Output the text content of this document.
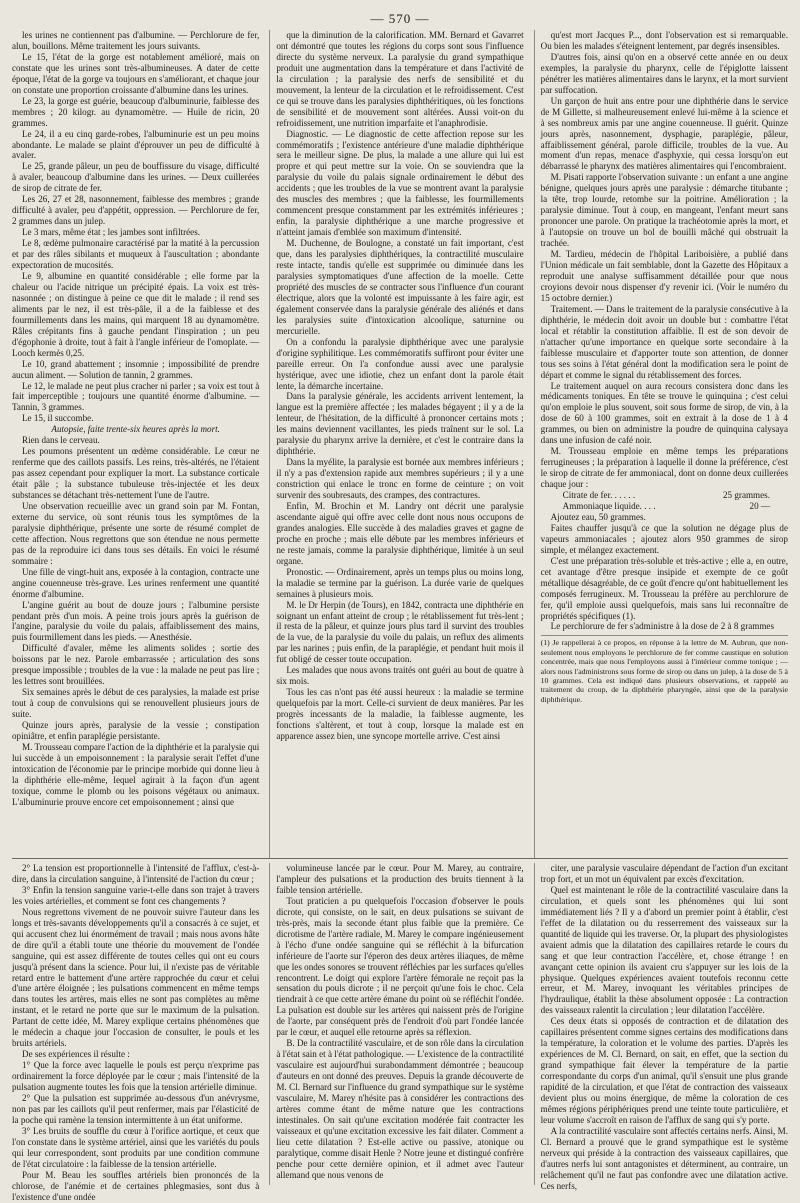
— 570 —

les urines ne contiennent pas d'albumine. — Perchlorure de fer, alun, bouillons. Même traitement les jours suivants.

Le 15, l'état de la gorge est notablement amélioré, mais on constate que les urines sont très-albumineuses. A dater de cette époque, l'état de la gorge va toujours en s'améliorant, et chaque jour on constate une proportion croissante d'albumine dans les urines.

Le 23, la gorge est guérie, beaucoup d'albuminurie, faiblesse des membres ; 20 kilogr. au dynamomètre. — Huile de ricin, 20 grammes.

Le 24, il a eu cinq garde-robes, l'albuminurie est un peu moins abondante. Le malade se plaint d'éprouver un peu de difficulté à avaler.

Le 25, grande pâleur, un peu de bouffissure du visage, difficulté à avaler, beaucoup d'albumine dans les urines. — Deux cuillerées de sirop de citrate de fer.

Les 26, 27 et 28, nasonnement, faiblesse des membres ; grande difficulté à avaler, peu d'appétit, oppression. — Perchlorure de fer, 2 grammes dans un julep.

Le 3 mars, même état ; les jambes sont infiltrées.

Le 8, œdème pulmonaire caractérisé par la matité à la percussion et par des râles sibilants et muqueux à l'auscultation ; abondante expectoration de mucosités.

Le 9, albumine en quantité considérable ; elle forme par la chaleur ou l'acide nitrique un précipité épais. La voix est très-nasonnée ; on distingue à peine ce que dit le malade ; il rend ses aliments par le nez, il est très-pâle, il a de la faiblesse et des fourmillements dans les mains, qui marquent 18 au dynamomètre. Râles crépitants fins à gauche pendant l'inspiration ; un peu d'égophonie à droite, tout à fait à l'angle inférieur de l'omoplate. — Looch kermès 0,25.

Le 10, grand abattement ; insomnie ; impossibilité de prendre aucun aliment. — Solution de tannin, 2 grammes.

Le 12, le malade ne peut plus cracher ni parler ; sa voix est tout à fait imperceptible ; toujours une quantité énorme d'albumine. — Tannin, 3 grammes.

Le 15, il succombe.

Autopsie, faite trente-six heures après la mort.

Rien dans le cerveau.

Les poumons présentent un œdème considérable. Le cœur ne renferme que des caillots passifs. Les reins, très-altérés, ne l'étaient pas assez cependant pour expliquer la mort. La substance corticale était pâle ; la substance tubuleuse très-injectée et les deux substances se détachant très-nettement l'une de l'autre.

Une observation recueillie avec un grand soin par M. Fontan, externe du service, où sont réunis tous les symptômes de la paralysie diphthérique, présente une sorte de résumé complet de cette affection. Nous regrettons que son étendue ne nous permette pas de la reproduire ici dans tous ses détails. En voici le résumé sommaire :

Une fille de vingt-huit ans, exposée à la contagion, contracte une angine couenneuse très-grave. Les urines renferment une quantité énorme d'albumine.

L'angine guérit au bout de douze jours ; l'albumine persiste pendant près d'un mois. A peine trois jours après la guérison de l'angine, paralysie du voile du palais, affaiblissement des mains, puis fourmillement dans les pieds. — Anesthésie.

Difficulté d'avaler, même les aliments solides ; sortie des boissons par le nez. Parole embarrassée ; articulation des sons presque impossible ; troubles de la vue : la malade ne peut pas lire ; les lettres sont brouillées.

Six semaines après le début de ces paralysies, la malade est prise tout à coup de convulsions qui se renouvellent plusieurs jours de suite.

Quinze jours après, paralysie de la vessie ; constipation opiniâtre, et enfin paraplégie persistante.

M. Trousseau compare l'action de la diphthérie et la paralysie qui lui succède à un empoisonnement : la paralysie serait l'effet d'une intoxication de l'économie par le principe morbide qui donne lieu à la diphthérie elle-même, lequel agirait à la façon d'un agent toxique, comme le plomb ou les poisons végétaux ou animaux. L'albuminurie prouve encore cet empoisonnement ; ainsi que

que la diminution de la calorification. MM. Bernard et Gavarret ont démontré que toutes les régions du corps sont sous l'influence directe du système nerveux. La paralysie du grand sympathique produit une augmentation dans la température et dans l'activité de la circulation ; la paralysie des nerfs de sensibilité et du mouvement, la lenteur de la circulation et le refroidissement. C'est ce qui se trouve dans les paralysies diphthéritiques, où les fonctions de sensibilité et de mouvement sont altérées. Aussi voit-on du refroidissement, une nutrition imparfaite et l'anaphrodisie.

Diagnostic. — Le diagnostic de cette affection repose sur les commémoratifs ; l'existence antérieure d'une maladie diphthérique sera le meilleur signe. De plus, la malade a une allure qui lui est propre et qui peut mettre sur la voie. On se souviendra que la paralysie du voile du palais signale ordinairement le début des accidents ; que les troubles de la vue se montrent avant la paralysie des muscles des membres ; que la faiblesse, les fourmillements commencent presque constamment par les extrémités inférieures ; enfin, la paralysie diphthérique a une marche progressive et n'atteint jamais d'emblée son maximum d'intensité.

M. Duchenne, de Boulogne, a constaté un fait important, c'est que, dans les paralysies diphthériques, la contractilité musculaire reste intacte, tandis qu'elle est supprimée ou diminuée dans les paralysies symptomatiques d'une affection de la moelle. Cette propriété des muscles de se contracter sous l'influence d'un courant électrique, alors que la volonté est impuissante à les faire agir, est également conservée dans la paralysie générale des aliénés et dans les paralysies suite d'intoxication alcoolique, saturnine ou mercurielle.

On a confondu la paralysie diphthérique avec une paralysie d'origine syphilitique. Les commémoratifs suffiront pour éviter une pareille erreur. On l'a confondue aussi avec une paralysie hystérique, avec une idiotie, chez un enfant dont la parole était lente, la démarche incertaine.

Dans la paralysie générale, les accidents arrivent lentement, la langue est la première affectée ; les malades bégayent ; il y a de la lenteur, de l'hésitation, de la difficulté à prononcer certains mots ; les mains deviennent vacillantes, les pieds traînent sur le sol. La paralysie du pharynx arrive la dernière, et c'est le contraire dans la diphthérie.

Dans la myélite, la paralysie est bornée aux membres inférieurs ; il n'y a pas d'extension rapide aux membres supérieurs ; il y a une constriction qui enlace le tronc en forme de ceinture ; on voit survenir des soubresauts, des crampes, des contractures.

Enfin, M. Brochin et M. Landry ont décrit une paralysie ascendante aiguë qui offre avec celle dont nous nous occupons de grandes analogies. Elle succède à des maladies graves et gagne de proche en proche ; mais elle débute par les membres inférieurs et ne reste jamais, comme la paralysie diphthérique, limitée à un seul organe.

Pronostic. — Ordinairement, après un temps plus ou moins long, la maladie se termine par la guérison. La durée varie de quelques semaines à plusieurs mois.

M. le Dr Herpin (de Tours), en 1842, contracta une diphthérie en soignant un enfant atteint de croup ; le rétablissement fut très-lent ; il resta de la pâleur, et quinze jours plus tard il survint des troubles de la vue, de la paralysie du voile du palais, un reflux des aliments par les narines ; puis enfin, de la paraplégie, et pendant huit mois il fut obligé de cesser toute occupation.

Les malades que nous avons traités ont guéri au bout de quatre à six mois.

Tous les cas n'ont pas été aussi heureux : la maladie se termine quelquefois par la mort. Celle-ci survient de deux manières. Par les progrès incessants de la maladie, la faiblesse augmente, les fonctions s'altèrent, et tout à coup, lorsque la malade est en apparence assez bien, une syncope mortelle arrive. C'est ainsi

qu'est mort Jacques P..., dont l'observation est si remarquable. Ou bien les malades s'éteignent lentement, par degrés insensibles.

D'autres fois, ainsi qu'on en a observé cette année en ou deux exemples, la paralysie du pharynx, celle de l'épiglotte laissent pénétrer les matières alimentaires dans le larynx, et la mort survient par suffocation.

Un garçon de huit ans entre pour une diphthérie dans le service de M Gillette, si malheureusement enlevé lui-même à la science et à ses nombreux amis par une angine couenneuse. Il guérit. Quinze jours après, nasonnement, dysphagie, paraplégie, pâleur, affaiblissement général, parole difficile, troubles de la vue. Au moment d'un repas, menace d'asphyxie, qui cessa lorsqu'on eut débarrassé le pharynx des matières alimentaires qui l'encombraient.

M. Pisati rapporte l'observation suivante : un enfant a une angine bénigne, quelques jours après une paralysie : démarche titubante ; la tête, trop lourde, retombe sur la poitrine. Amélioration ; la paralysie diminue. Tout à coup, en mangeant, l'enfant meurt sans prononcer une parole. On pratique la trachéotomie après la mort, et à l'autopsie on trouve un bol de bouilli mâché qui obstruait la trachée.

M. Tardieu, médecin de l'hôpital Lariboisière, a publié dans l'Union médicale un fait semblable, dont la Gazette des Hôpitaux a reproduit une analyse suffisamment détaillée pour que nous croyions devoir nous dispenser d'y revenir ici. (Voir le numéro du 15 octobre dernier.)

Traitement. — Dans le traitement de la paralysie consécutive à la diphthérie, le médecin doit avoir un double but : combattre l'état local et rétablir la constitution affaiblie. Il est de son devoir de n'attacher qu'une importance en quelque sorte secondaire à la faiblesse musculaire et d'apporter toute son attention, de donner tous ses soins à l'état général dont la modification sera le point de départ et comme le signal du rétablissement des forces.

Le traitement auquel on aura recours consistera donc dans les médicaments toniques. En tête se trouve le quinquina ; c'est celui qu'on emploie le plus souvent, soit sous forme de sirop, de vin, à la dose de 60 à 100 grammes, soit en extrait à la dose de 1 à 4 grammes, ou bien on administre la poudre de quinquina calysaya dans une infusion de café noir.

M. Trousseau emploie en même temps les préparations ferrugineuses ; la préparation à laquelle il donne la préférence, c'est le sirop de citrate de fer ammoniacal, dont on donne deux cuillerées chaque jour :

Citrate de fer. . . . . .	25 grammes.
Ammoniaque liquide. . . .	20 —

Ajoutez eau, 50 grammes.

Faites chauffer jusqu'à ce que la solution ne dégage plus de vapeurs ammoniacales ; ajoutez alors 950 grammes de sirop simple, et mélangez exactement.

C'est une préparation très-soluble et très-active ; elle a, en outre, cet avantage d'être presque insipide et exempte de ce goût métallique désagréable, de ce goût d'encre qu'ont habituellement les composés ferrugineux. M. Trousseau la préfère au perchlorure de fer, qu'il emploie aussi quelquefois, mais sans lui reconnaître de propriétés spécifiques (1).

Le perchlorure de fer s'administre à la dose de 2 à 8 grammes

(1) Je rappellerai à ce propos, en réponse à la lettre de M. Aubrun, que non-seulement nous employons le perchlorure de fer comme caustique en solution concentrée, mais que nous l'employons aussi à l'intérieur comme tonique ; — alors nous l'administrons sous forme de sirop ou dans un julep, à la dose de 5 à 10 grammes. Cela est indiqué dans plusieurs observations, et rappelé au traitement du croup, de la diphthérie pharyngée, ainsi que de la paralysie diphthérique.

2° La tension est proportionnelle à l'intensité de l'afflux, c'est-à-dire, dans la circulation sanguine, à l'intensité de l'action du cœur ;

3° Enfin la tension sanguine varie-t-elle dans son trajet à travers les voies artérielles, et comment se font ces changements ?

Nous regrettons vivement de ne pouvoir suivre l'auteur dans les longs et très-savants développements qu'il a consacrés à ce sujet, et qui accusent chez lui énormément de travail ; mais nous avons hâte de dire qu'il a établi toute une théorie du mouvement de l'ondée sanguine, qui est assez différente de toutes celles qui ont eu cours jusqu'à présent dans la science. Pour lui, il n'existe pas de véritable retard entre le battement d'une artère rapprochée du cœur et celui d'une artère éloignée ; les pulsations commencent en même temps dans toutes les artères, mais elles ne sont pas complètes au même instant, et le retard ne porte que sur le maximum de la pulsation. Partant de cette idée, M. Marey explique certains phénomènes que le médecin a chaque jour l'occasion de consulter, le pouls et les bruits artériels.

De ses expériences il résulte :

1° Que la force avec laquelle le pouls est perçu n'exprime pas ordinairement la force déployée par le cœur ; mais l'intensité de la pulsation augmente toutes les fois que la tension artérielle diminue.

2° Que la pulsation est supprimée au-dessous d'un anévrysme, non pas par les caillots qu'il peut renfermer, mais par l'élasticité de la poche qui ramène la tension intermittente à un état uniforme.

3° Les bruits de souffle du cœur à l'orifice aortique, et ceux que l'on constate dans le système artériel, ainsi que les variétés du pouls qui leur correspondent, sont produits par une condition commune de l'état circulatoire : la faiblesse de la tension artérielle.

Pour M. Beau les souffles artériels bien prononcés de la chlorose, de l'anémie et de certaines phlegmasies, sont dus à l'existence d'une ondée

volumineuse lancée par le cœur. Pour M. Marey, au contraire, l'ampleur des pulsations et la production des bruits tiennent à la faible tension artérielle.

Tout praticien a pu quelquefois l'occasion d'observer le pouls dicrote, qui consiste, on le sait, en deux pulsations se suivant de très-près, mais la seconde étant plus faible que la première. Ce dicrotisme de l'artère radiale, M. Marey le compare ingénieusement à l'écho d'une ondée sanguine qui se réfléchit à la bifurcation inférieure de l'aorte sur l'éperon des deux artères iliaques, de même que les ondes sonores se trouvent réfléchies par les surfaces qu'elles rencontrent. Le doigt qui explore l'artère fémorale ne reçoit pas la sensation du pouls dicrote ; il ne perçoit qu'une fois le choc. Cela tiendrait à ce que cette artère émane du point où se réfléchit l'ondée. La pulsation est double sur les artères qui naissent près de l'origine de l'aorte, par conséquent près de l'endroit d'où part l'ondée lancée par le cœur, et auquel elle retourne après sa réflexion.

B. De la contractilité vasculaire, et de son rôle dans la circulation à l'état sain et à l'état pathologique. — L'existence de la contractilité vasculaire est aujourd'hui surabondamment démontrée ; beaucoup d'auteurs en ont donné des preuves. Depuis la grande découverte de M. Cl. Bernard sur l'influence du grand sympathique sur le système vasculaire, M. Marey n'hésite pas à considérer les contractions des artères comme étant de même nature que les contractions intestinales. On sait qu'une excitation modérée fait contracter les vaisseaux et qu'une excitation excessive les fait dilater. Comment a lieu cette dilatation ? Est-elle active ou passive, atonique ou paralytique, comme disait Henle ? Notre jeune et distingué confrère penche pour cette dernière opinion, et il admet avec l'auteur allemand que nous venons de

citer, une paralysie vasculaire dépendant de l'action d'un excitant trop fort, et un mot un équivalent par excès d'excitation.

Quel est maintenant le rôle de la contractilité vasculaire dans la circulation, et quels sont les phénomènes qui lui sont immédiatement liés ? Il y a d'abord un premier point à établir, c'est l'effet de la dilatation ou du resserrement des vaisseaux sur la quantité de liquide qui les traverse. Or, la plupart des physiologistes avaient admis que la dilatation des capillaires retarde le cours du sang et que leur contraction l'accélère, et, chose étrange ! en avançant cette opinion ils avaient cru s'appuyer sur les lois de la physique. Quelques expériences avaient toutefois reconnu cette erreur, et M. Marey, invoquant les véritables principes de l'hydraulique, établit la thèse absolument opposée : La contraction des vaisseaux ralentit la circulation ; leur dilatation l'accélère.

Ces deux états si opposés de contraction et de dilatation des capillaires présentent comme signes certains des modifications dans la température, la coloration et le volume des parties. D'après les expériences de M. Cl. Bernard, on sait, en effet, que la section du grand sympathique fait élever la température de la partie correspondante du corps d'un animal, qu'il s'ensuit une plus grande rapidité de la circulation, et que l'état de contraction des vaisseaux devient plus ou moins énergique, de même la coloration de ces mêmes régions périphériques prend une teinte toute particulière, et leur volume s'accroît en raison de l'afflux de sang qui s'y porte.

A la contractilité vasculaire sont affectés certains nerfs. Ainsi, M. Cl. Bernard a prouvé que le grand sympathique est le système nerveux qui préside à la contraction des vaisseaux capillaires, que d'autres nerfs lui sont antagonistes et déterminent, au contraire, un relâchement qu'il ne faut pas confondre avec une dilatation active. Ces nerfs,
